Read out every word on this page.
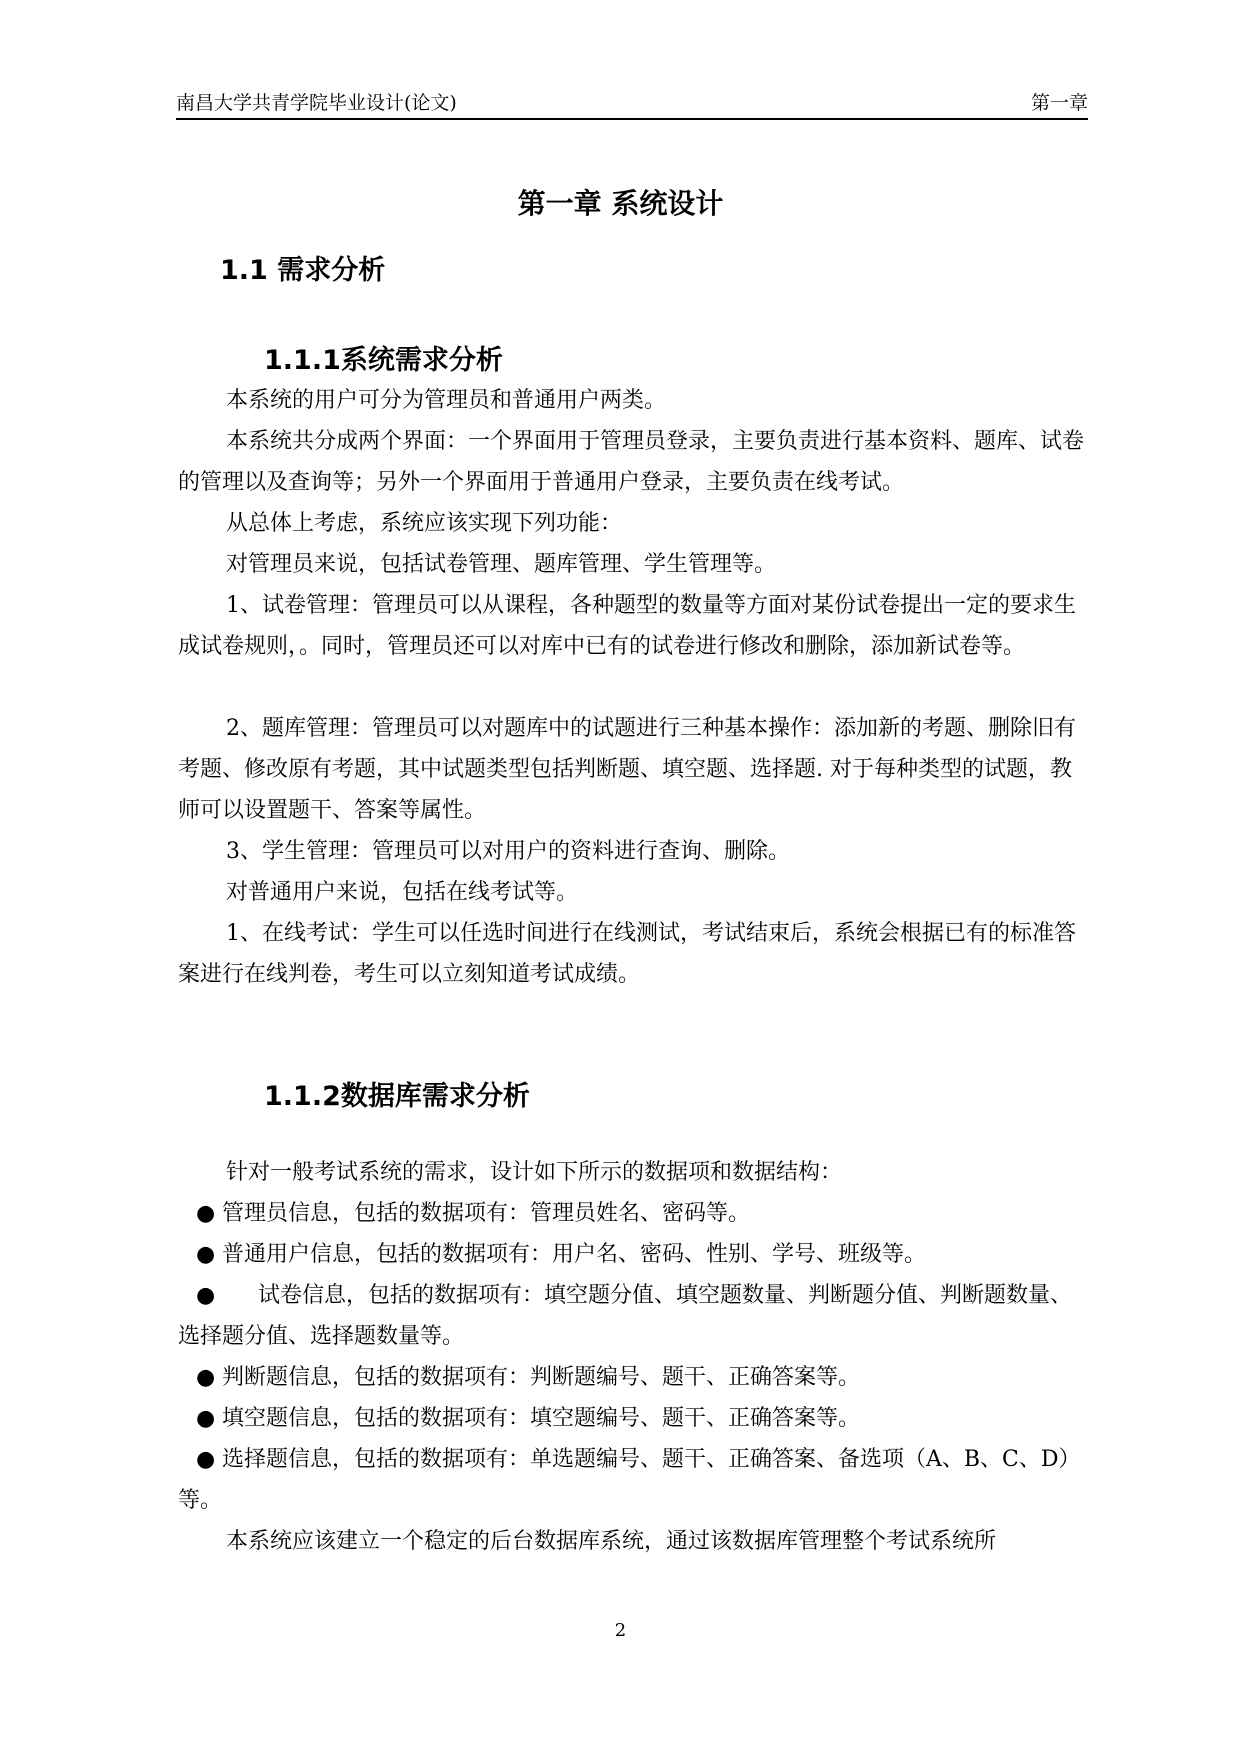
南昌大学共青学院毕业设计(论文)	第一章
第一章 系统设计
1.1 需求分析
1.1.1系统需求分析

本系统的用户可分为管理员和普通用户两类。

本系统共分成两个界面：一个界面用于管理员登录，主要负责进行基本资料、题库、试卷的管理以及查询等；另外一个界面用于普通用户登录，主要负责在线考试。

从总体上考虑，系统应该实现下列功能：

对管理员来说，包括试卷管理、题库管理、学生管理等。

1、试卷管理：管理员可以从课程，各种题型的数量等方面对某份试卷提出一定的要求生成试卷规则，。同时，管理员还可以对库中已有的试卷进行修改和删除，添加新试卷等。

2、题库管理：管理员可以对题库中的试题进行三种基本操作：添加新的考题、删除旧有考题、修改原有考题，其中试题类型包括判断题、填空题、选择题. 对于每种类型的试题，教师可以设置题干、答案等属性。

3、学生管理：管理员可以对用户的资料进行查询、删除。

对普通用户来说，包括在线考试等。

1、在线考试：学生可以任选时间进行在线测试，考试结束后，系统会根据已有的标准答案进行在线判卷，考生可以立刻知道考试成绩。

1.1.2数据库需求分析

针对一般考试系统的需求，设计如下所示的数据项和数据结构：

● 管理员信息，包括的数据项有：管理员姓名、密码等。

● 普通用户信息，包括的数据项有：用户名、密码、性别、学号、班级等。

● 试卷信息，包括的数据项有：填空题分值、填空题数量、判断题分值、判断题数量、选择题分值、选择题数量等。

● 判断题信息，包括的数据项有：判断题编号、题干、正确答案等。

● 填空题信息，包括的数据项有：填空题编号、题干、正确答案等。

● 选择题信息，包括的数据项有：单选题编号、题干、正确答案、备选项（A、B、C、D）等。

本系统应该建立一个稳定的后台数据库系统，通过该数据库管理整个考试系统所

2
